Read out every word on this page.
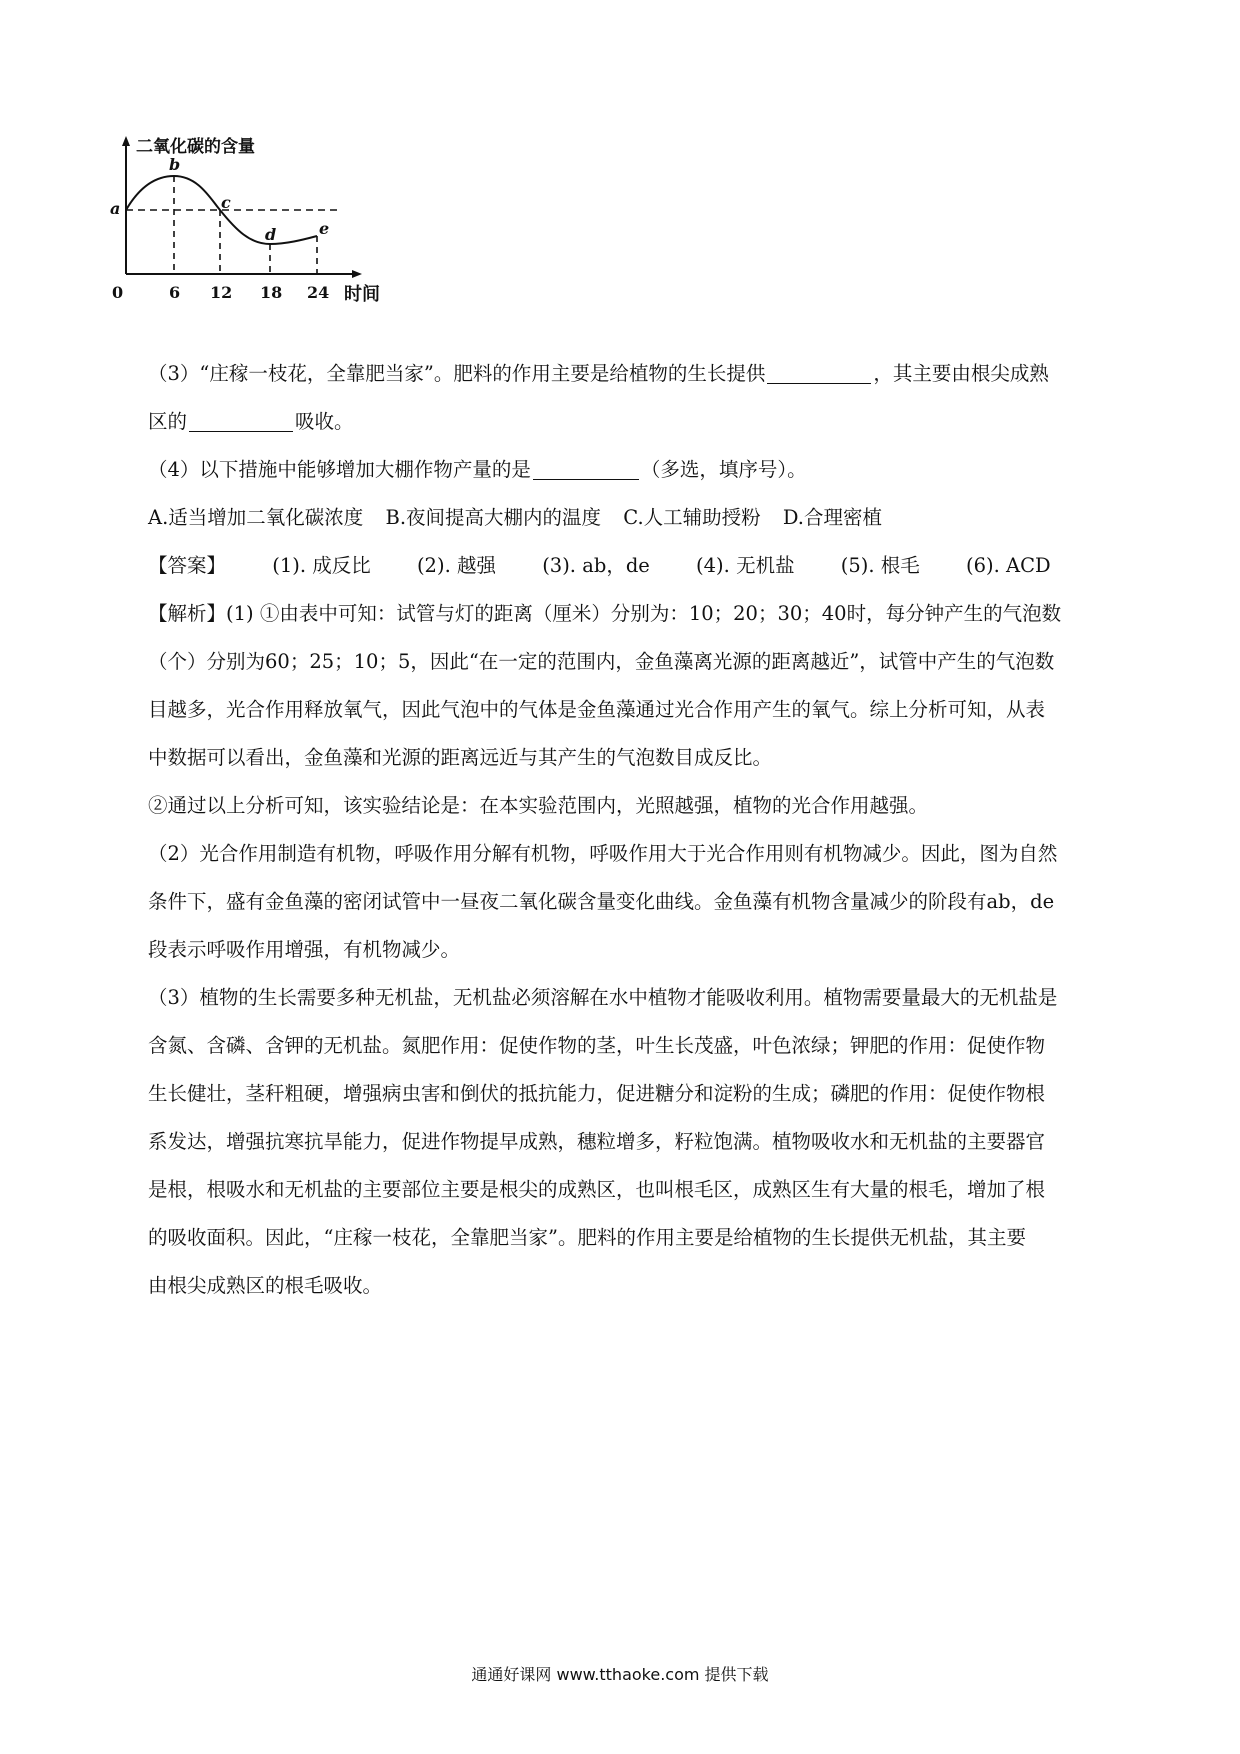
二氧化碳的含量
a
b
c
d	e
0	6 12 18 24 时间

（3）“庄稼一枝花，全靠肥当家”。肥料的作用主要是给植物的生长提供	，其主要由根尖成熟

区的	吸收。

（4）以下措施中能够增加大棚作物产量的是	（多选，填序号）。

A.适当增加二氧化碳浓度 B.夜间提高大棚内的温度 C.人工辅助授粉 D.合理密植

【答案】 (1). 成反比 (2). 越强 (3). ab，de (4). 无机盐 (5). 根毛 (6). ACD

【解析】(1) ①由表中可知：试管与灯的距离（厘米）分别为：10；20；30；40时，每分钟产生的气泡数

（个）分别为60；25；10；5，因此“在一定的范围内，金鱼藻离光源的距离越近”，试管中产生的气泡数

目越多，光合作用释放氧气，因此气泡中的气体是金鱼藻通过光合作用产生的氧气。综上分析可知，从表

中数据可以看出，金鱼藻和光源的距离远近与其产生的气泡数目成反比。

②通过以上分析可知，该实验结论是：在本实验范围内，光照越强，植物的光合作用越强。

（2）光合作用制造有机物，呼吸作用分解有机物，呼吸作用大于光合作用则有机物减少。因此，图为自然

条件下，盛有金鱼藻的密闭试管中一昼夜二氧化碳含量变化曲线。金鱼藻有机物含量减少的阶段有ab，de

段表示呼吸作用增强，有机物减少。

（3）植物的生长需要多种无机盐，无机盐必须溶解在水中植物才能吸收利用。植物需要量最大的无机盐是

含氮、含磷、含钾的无机盐。氮肥作用：促使作物的茎，叶生长茂盛，叶色浓绿；钾肥的作用：促使作物

生长健壮，茎秆粗硬，增强病虫害和倒伏的抵抗能力，促进糖分和淀粉的生成；磷肥的作用：促使作物根

系发达，增强抗寒抗旱能力，促进作物提早成熟，穗粒增多，籽粒饱满。植物吸收水和无机盐的主要器官

是根，根吸水和无机盐的主要部位主要是根尖的成熟区，也叫根毛区，成熟区生有大量的根毛，增加了根

的吸收面积。因此，“庄稼一枝花，全靠肥当家”。肥料的作用主要是给植物的生长提供无机盐，其主要

由根尖成熟区的根毛吸收。

通通好课网 www.tthaoke.com 提供下载
